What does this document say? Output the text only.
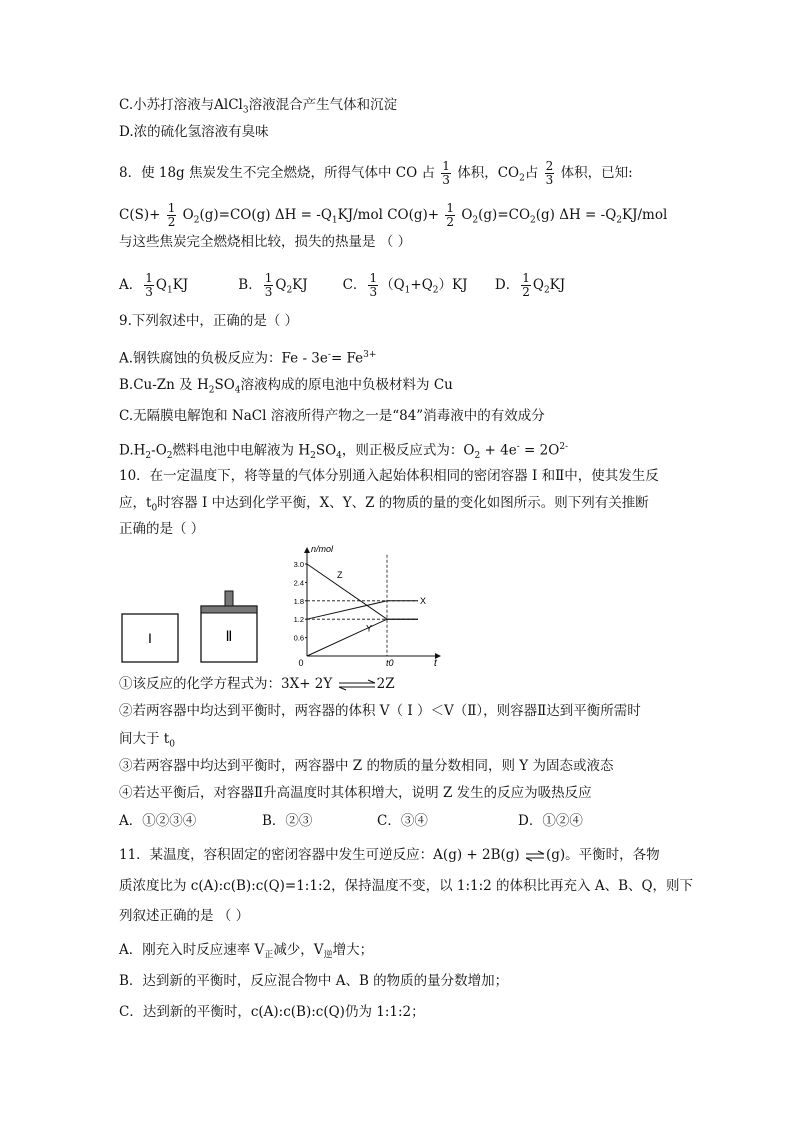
C.小苏打溶液与AlCl$_3$溶液混合产生气体和沉淀
D.浓的硫化氢溶液有臭味
8．使 18g 焦炭发生不完全燃烧，所得气体中 CO 占 $\frac{1}{3}$ 体积，$CO_2$占 $\frac{2}{3}$ 体积，已知:
$C(S)+ \frac{1}{2} O_2(g)=CO(g) \Delta H = -Q_1KJ/mol$ $CO(g)+ \frac{1}{2} O_2(g)=CO_2(g) \Delta H = -Q_2KJ/mol$
与这些焦炭完全燃烧相比较，损失的热量是 （ ）
A． $\frac{1}{3} Q_1KJ$	B． $\frac{1}{3} Q_2KJ$	C． $\frac{1}{3} (Q_1+Q_2)KJ$ D． $\frac{1}{2} Q_2KJ$
9.下列叙述中，正确的是（ ）
A.钢铁腐蚀的负极反应为：$Fe - 3e^-= Fe^{3+}$
B.Cu-Zn 及 $H_2SO_4$溶液构成的原电池中负极材料为 Cu
C.无隔膜电解饱和 NaCl 溶液所得产物之一是“84”消毒液中的有效成分
$D.H_2-O_2$燃料电池中电解液为 $H_2SO_4$，则正极反应式为：$O_2 + 4e^- = 2O^{2-}$
10．在一定温度下，将等量的气体分别通入起始体积相同的密闭容器 I 和Ⅱ中，使其发生反
应，$t_0$时容器 I 中达到化学平衡，X、Y、Z 的物质的量的变化如图所示。则下列有关推断
正确的是（ ）
I	Ⅱ
n/mol
t
0
3.0
2.4
1.8
1.2
0.6
Z
X
Y
t0
①该反应的化学方程式为：3X+ 2Y ⇌2Z
②若两容器中均达到平衡时，两容器的体积 V（ I ）＜V（Ⅱ），则容器Ⅱ达到平衡所需时
间大于 $t_0$
③若两容器中均达到平衡时，两容器中 Z 的物质的量分数相同，则 Y 为固态或液态
④若达平衡后，对容器Ⅱ升高温度时其体积增大，说明 Z 发生的反应为吸热反应
A．①②③④	B．②③	C．③④	D．①②④
11．某温度，容积固定的密闭容器中发生可逆反应：A(g) + 2B(g) ⇌(g)。平衡时，各物
质浓度比为 c(A):c(B):c(Q)=1:1:2，保持温度不变，以 1:1:2 的体积比再充入 A、B、Q，则下
列叙述正确的是 （ ）
A．刚充入时反应速率 $V_正$减少，$V_逆$增大；
B．达到新的平衡时，反应混合物中 A、B 的物质的量分数增加；
C．达到新的平衡时，c(A):c(B):c(Q)仍为 1:1:2；
